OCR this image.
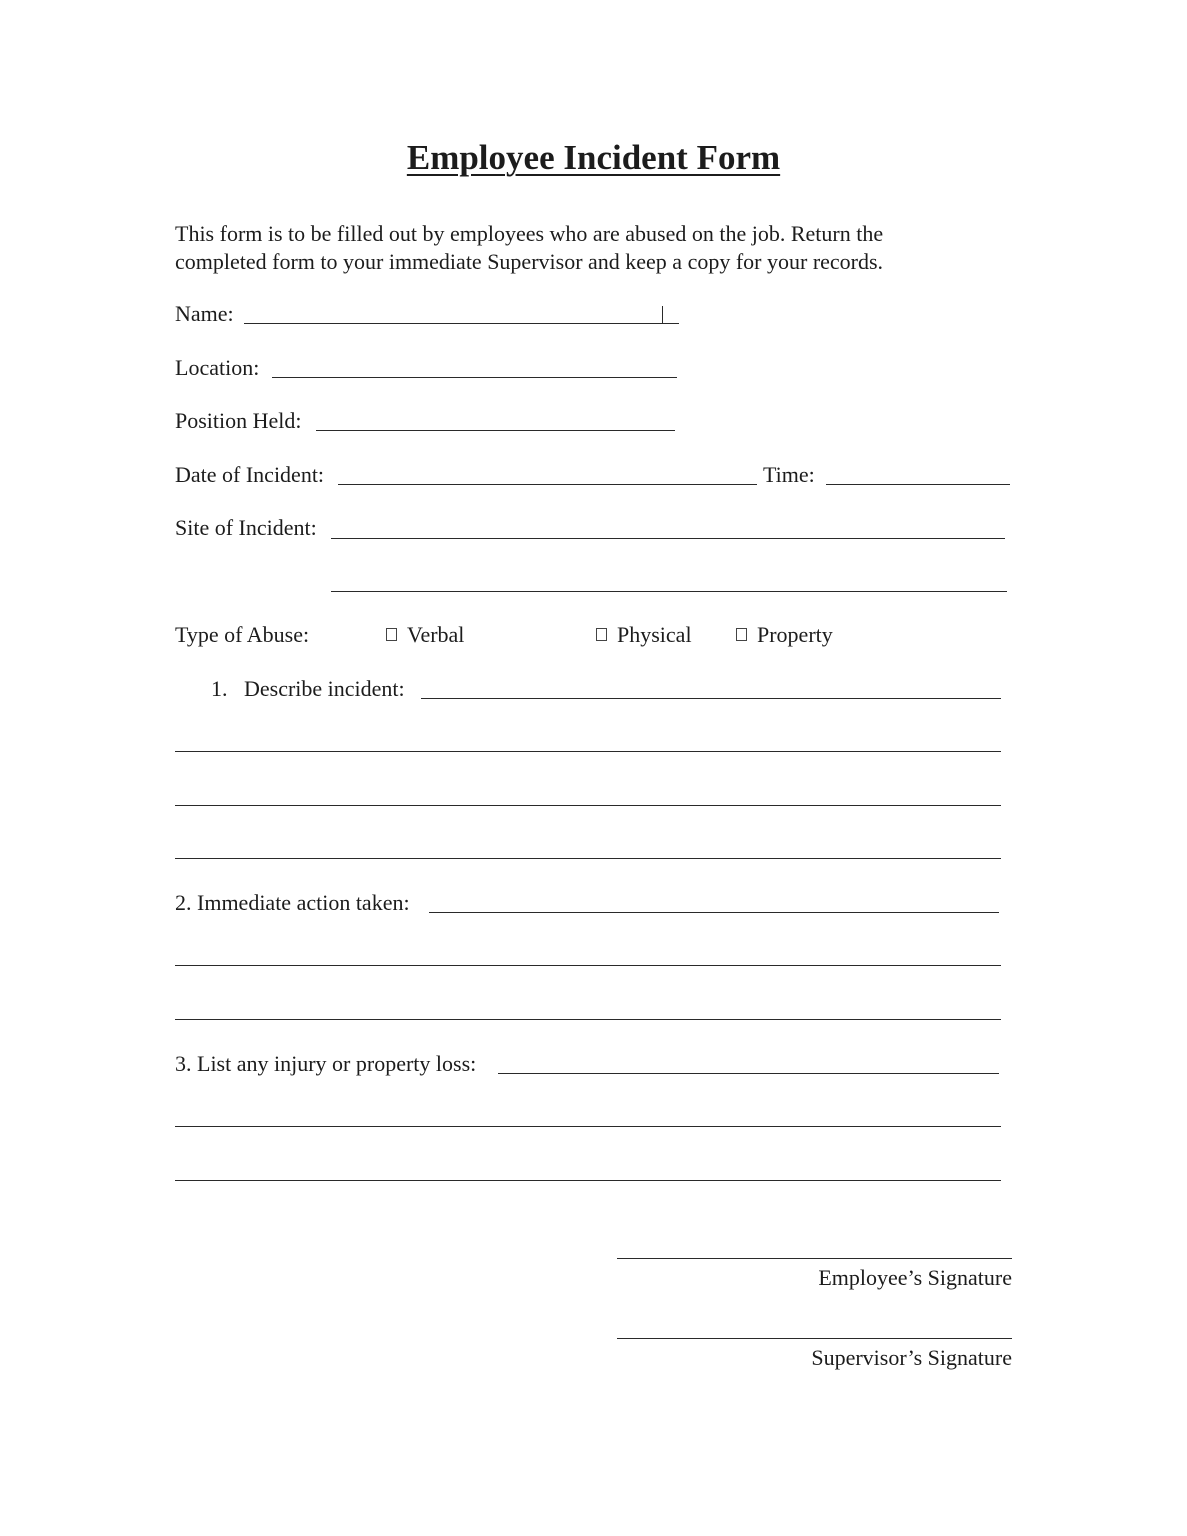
Employee Incident Form
This form is to be filled out by employees who are abused on the job. Return the
completed form to your immediate Supervisor and keep a copy for your records.
Name:
Location:
Position Held:
Date of Incident:	Time:
Site of Incident:
Type of Abuse:	Verbal	Physical	Property
1. Describe incident:
2. Immediate action taken:
3. List any injury or property loss:
Employee’s Signature
Supervisor’s Signature
